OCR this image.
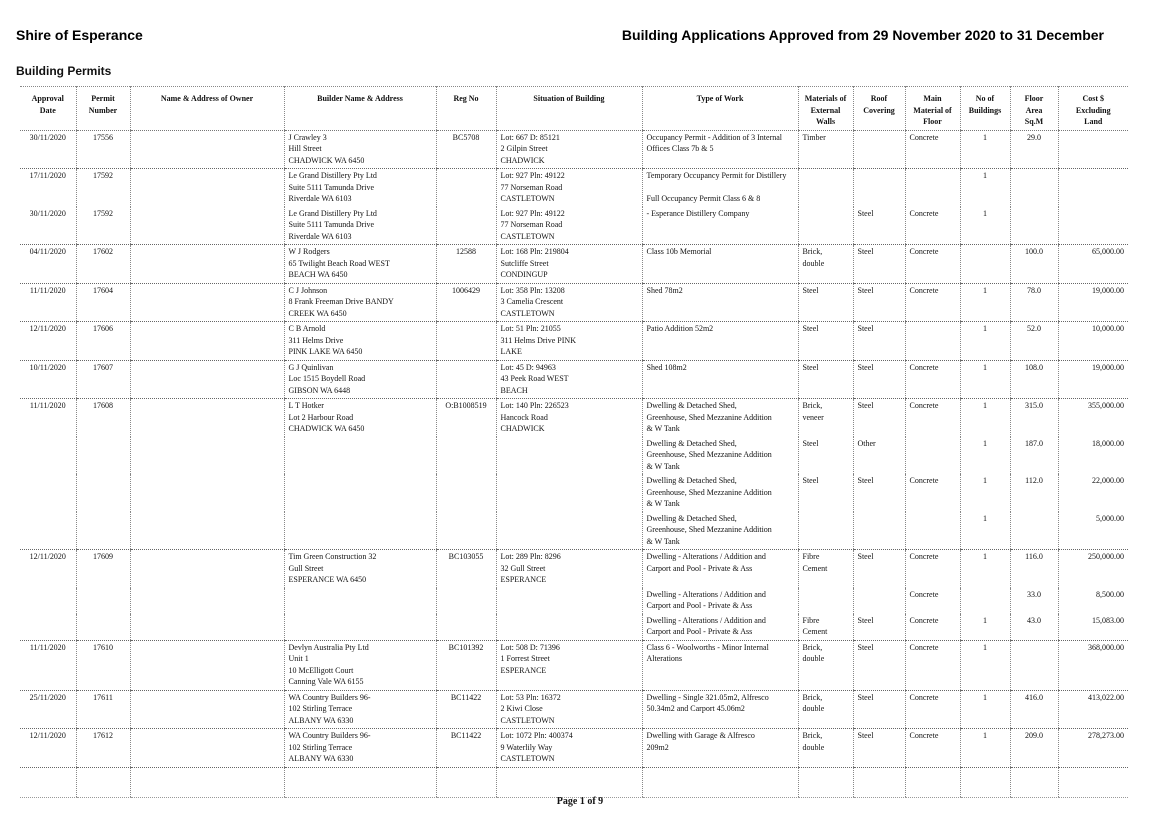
Shire of Esperance	Building Applications Approved from 29 November 2020 to 31 December
Building Permits
Approval
Date	Permit
Number	Name & Address of Owner	Builder Name & Address	Reg No	Situation of Building	Type of Work	Materials of
External
Walls	Roof
Covering	Main
Material of
Floor	No of
Buildings	Floor
Area
Sq.M	Cost $
Excluding
Land

30/11/2020	17556		J Crawley 3
Hill Street
CHADWICK WA 6450	BC5708	Lot: 667 D: 85121
2 Gilpin Street
CHADWICK	Occupancy Permit - Addition of 3 Internal
Offices Class 7b & 5	Timber		Concrete	1	29.0	

17/11/2020	17592		Le Grand Distillery Pty Ltd
Suite 5111 Tamunda Drive
Riverdale WA 6103		Lot: 927 Pln: 49122
77 Norseman Road
CASTLETOWN	Temporary Occupancy Permit for Distillery

Full Occupancy Permit Class 6 & 8				1		

30/11/2020	17592		Le Grand Distillery Pty Ltd
Suite 5111 Tamunda Drive
Riverdale WA 6103		Lot: 927 Pln: 49122
77 Norseman Road
CASTLETOWN	- Esperance Distillery Company		Steel	Concrete	1		

04/11/2020	17602		W J Rodgers
65 Twilight Beach Road WEST
BEACH WA 6450	12588	Lot: 168 Pln: 219804
Sutcliffe Street
CONDINGUP	Class 10b Memorial	Brick,
double	Steel	Concrete		100.0	65,000.00

11/11/2020	17604		C J Johnson
8 Frank Freeman Drive BANDY
CREEK WA 6450	1006429	Lot: 358 Pln: 13208
3 Camelia Crescent
CASTLETOWN	Shed 78m2	Steel	Steel	Concrete	1	78.0	19,000.00

12/11/2020	17606		C B Arnold
311 Helms Drive
PINK LAKE WA 6450		Lot: 51 Pln: 21055
311 Helms Drive PINK
LAKE	Patio Addition 52m2	Steel	Steel		1	52.0	10,000.00

10/11/2020	17607		G J Quinlivan
Loc 1515 Boydell Road
GIBSON WA 6448		Lot: 45 D: 94963
43 Peek Road WEST
BEACH	Shed 108m2	Steel	Steel	Concrete	1	108.0	19,000.00

11/11/2020	17608		L T Hotker
Lot 2 Harbour Road
CHADWICK WA 6450	O:B1008519	Lot: 140 Pln: 226523
Hancock Road
CHADWICK	Dwelling & Detached Shed,
Greenhouse, Shed Mezzanine Addition
& W Tank	Brick,
veneer	Steel	Concrete	1	315.0	355,000.00

						Dwelling & Detached Shed,
Greenhouse, Shed Mezzanine Addition
& W Tank	Steel	Other		1	187.0	18,000.00

						Dwelling & Detached Shed,
Greenhouse, Shed Mezzanine Addition
& W Tank	Steel	Steel	Concrete	1	112.0	22,000.00

						Dwelling & Detached Shed,
Greenhouse, Shed Mezzanine Addition
& W Tank				1		5,000.00

12/11/2020	17609		Tim Green Construction 32
Gull Street
ESPERANCE WA 6450	BC103055	Lot: 289 Pln: 8296
32 Gull Street
ESPERANCE	Dwelling - Alterations / Addition and
Carport and Pool - Private & Ass	Fibre
Cement	Steel	Concrete	1	116.0	250,000.00

						Dwelling - Alterations / Addition and
Carport and Pool - Private & Ass			Concrete		33.0	8,500.00

						Dwelling - Alterations / Addition and
Carport and Pool - Private & Ass	Fibre
Cement	Steel	Concrete	1	43.0	15,083.00

11/11/2020	17610		Devlyn Australia Pty Ltd
Unit 1
10 McElligott Court
Canning Vale WA 6155	BC101392	Lot: 508 D: 71396
1 Forrest Street
ESPERANCE	Class 6 - Woolworths - Minor Internal
Alterations	Brick,
double	Steel	Concrete	1		368,000.00

25/11/2020	17611		WA Country Builders 96-
102 Stirling Terrace
ALBANY WA 6330	BC11422	Lot: 53 Pln: 16372
2 Kiwi Close
CASTLETOWN	Dwelling - Single 321.05m2, Alfresco
50.34m2 and Carport 45.06m2	Brick,
double	Steel	Concrete	1	416.0	413,022.00

12/11/2020	17612		WA Country Builders 96-
102 Stirling Terrace
ALBANY WA 6330	BC11422	Lot: 1072 Pln: 400374
9 Waterlily Way
CASTLETOWN	Dwelling with Garage & Alfresco
209m2	Brick,
double	Steel	Concrete	1	209.0	278,273.00

Page 1 of 9
